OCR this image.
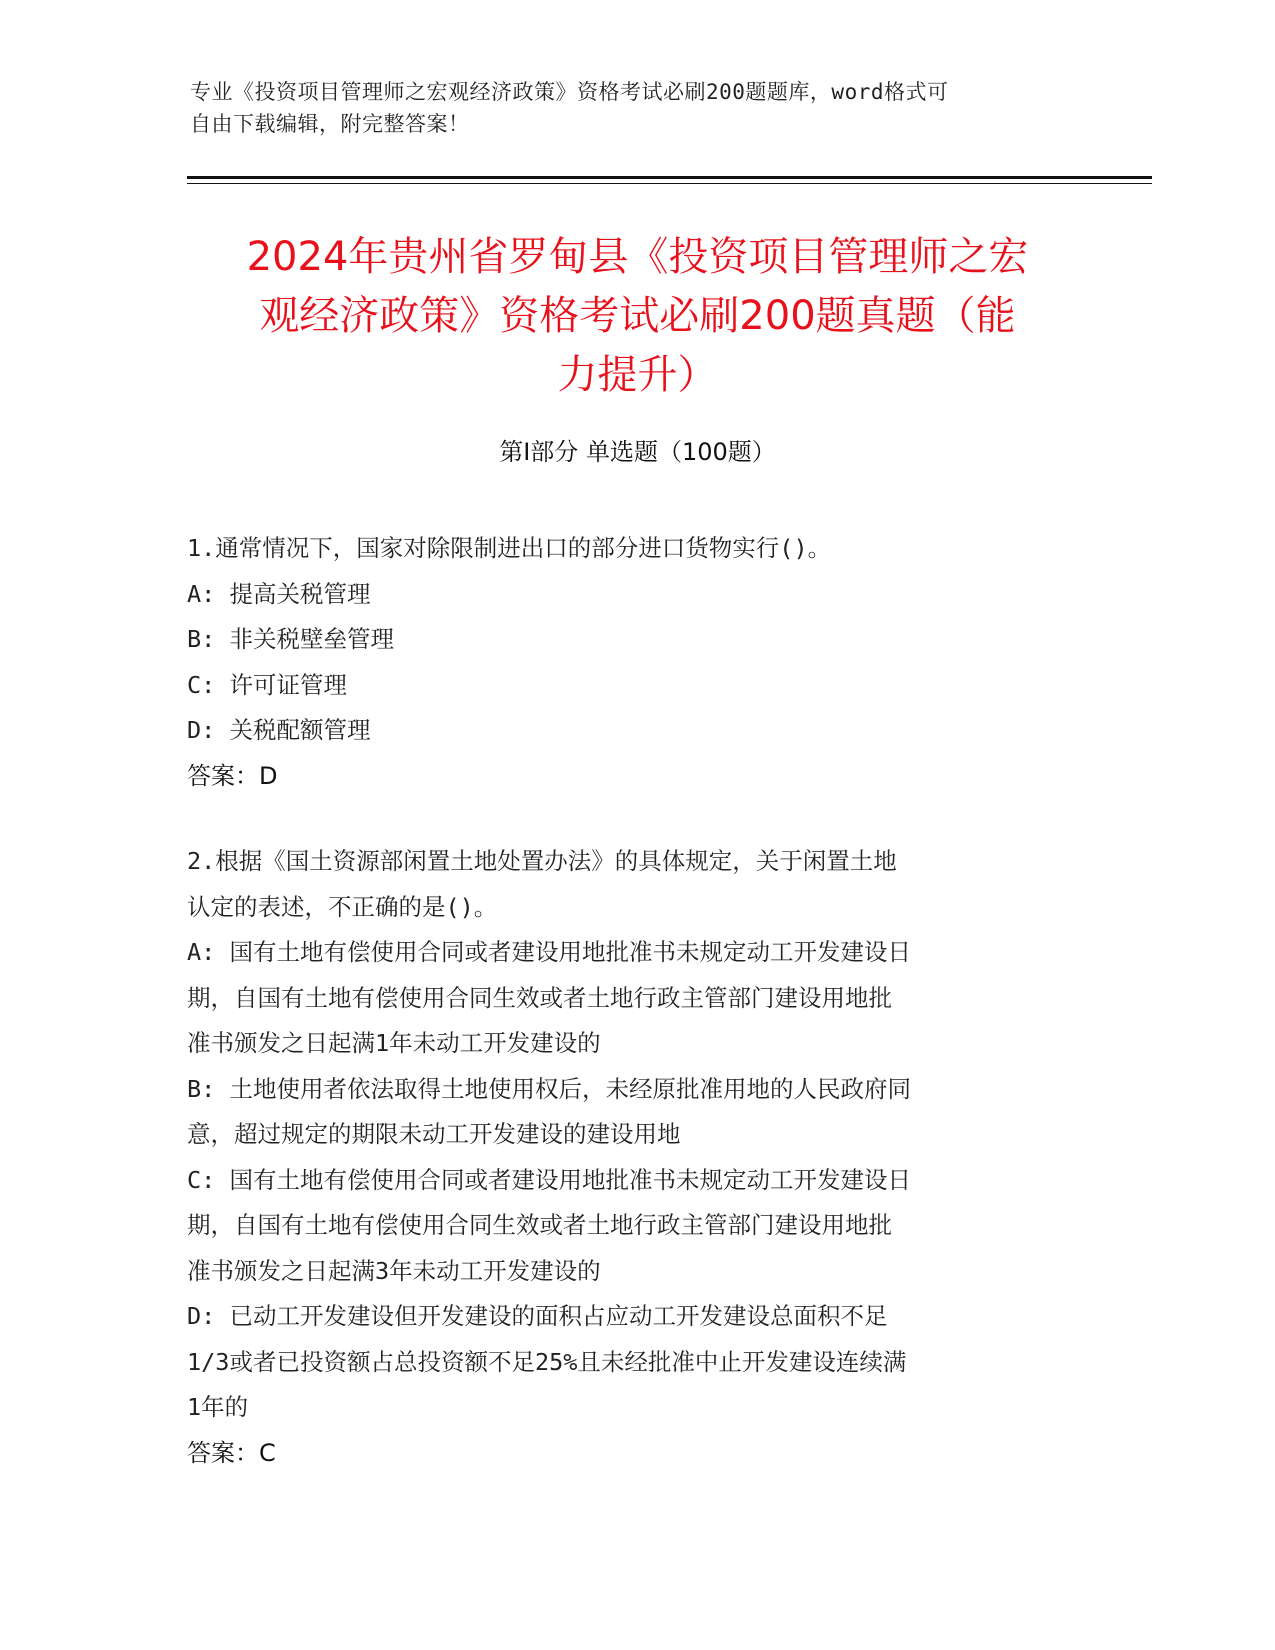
专业《投资项目管理师之宏观经济政策》资格考试必刷200题题库，word格式可
自由下载编辑，附完整答案！
2024年贵州省罗甸县《投资项目管理师之宏
观经济政策》资格考试必刷200题真题（能
力提升）
第Ⅰ部分 单选题（100题）
1.通常情况下，国家对除限制进出口的部分进口货物实行()。
A: 提高关税管理
B: 非关税壁垒管理
C: 许可证管理
D: 关税配额管理
答案：D
2.根据《国土资源部闲置土地处置办法》的具体规定，关于闲置土地
认定的表述，不正确的是()。
A: 国有土地有偿使用合同或者建设用地批准书未规定动工开发建设日
期，自国有土地有偿使用合同生效或者土地行政主管部门建设用地批
准书颁发之日起满1年未动工开发建设的
B: 土地使用者依法取得土地使用权后，未经原批准用地的人民政府同
意，超过规定的期限未动工开发建设的建设用地
C: 国有土地有偿使用合同或者建设用地批准书未规定动工开发建设日
期，自国有土地有偿使用合同生效或者土地行政主管部门建设用地批
准书颁发之日起满3年未动工开发建设的
D: 已动工开发建设但开发建设的面积占应动工开发建设总面积不足
1/3或者已投资额占总投资额不足25%且未经批准中止开发建设连续满
1年的
答案：C
